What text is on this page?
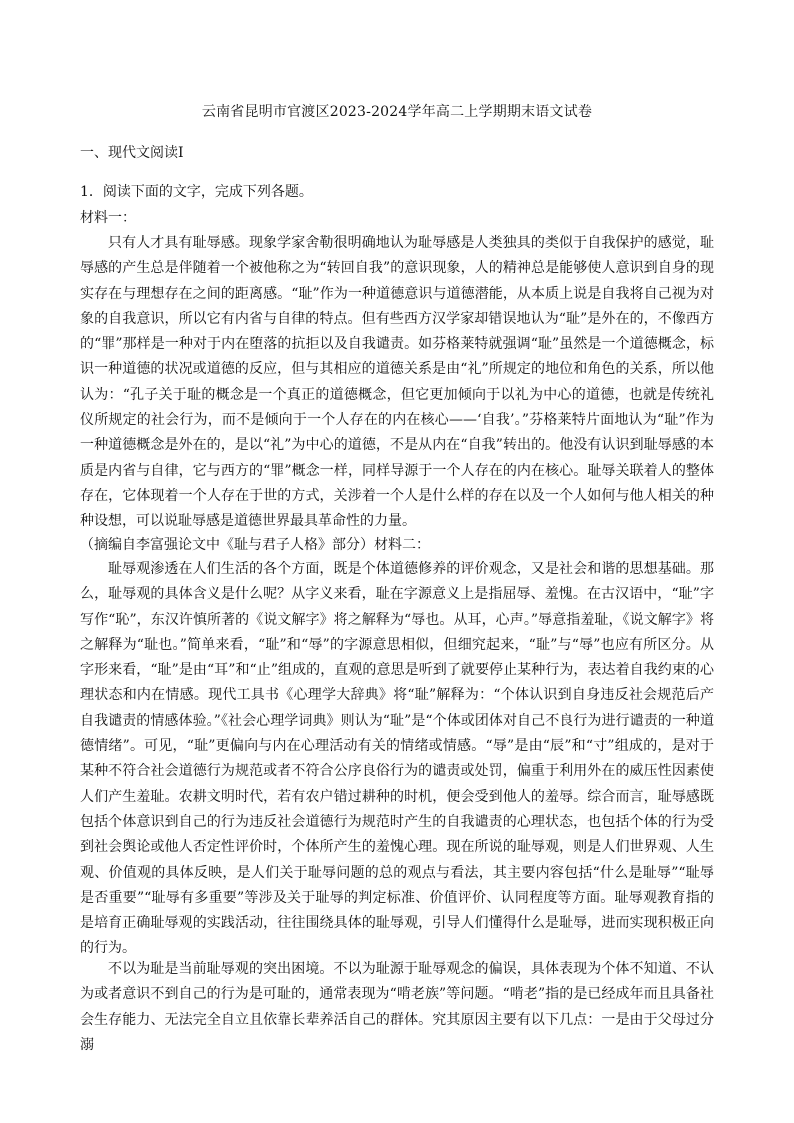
云南省昆明市官渡区2023-2024学年高二上学期期末语文试卷
一、现代文阅读Ⅰ
1．阅读下面的文字，完成下列各题。
材料一：
只有人才具有耻辱感。现象学家舍勒很明确地认为耻辱感是人类独具的类似于自我保护的感觉，耻辱感的产生总是伴随着一个被他称之为“转回自我”的意识现象，人的精神总是能够使人意识到自身的现实存在与理想存在之间的距离感。“耻”作为一种道德意识与道德潜能，从本质上说是自我将自己视为对象的自我意识，所以它有内省与自律的特点。但有些西方汉学家却错误地认为“耻”是外在的，不像西方的“罪”那样是一种对于内在堕落的抗拒以及自我谴责。如芬格莱特就强调“耻”虽然是一个道德概念，标识一种道德的状况或道德的反应，但与其相应的道德关系是由“礼”所规定的地位和角色的关系，所以他认为：“孔子关于耻的概念是一个真正的道德概念，但它更加倾向于以礼为中心的道德，也就是传统礼仪所规定的社会行为，而不是倾向于一个人存在的内在核心——‘自我’。”芬格莱特片面地认为“耻”作为一种道德概念是外在的，是以“礼”为中心的道德，不是从内在“自我”转出的。他没有认识到耻辱感的本质是内省与自律，它与西方的“罪”概念一样，同样导源于一个人存在的内在核心。耻辱关联着人的整体存在，它体现着一个人存在于世的方式，关涉着一个人是什么样的存在以及一个人如何与他人相关的种种设想，可以说耻辱感是道德世界最具革命性的力量。
（摘编自李富强论文中《耻与君子人格》部分）材料二：
耻辱观渗透在人们生活的各个方面，既是个体道德修养的评价观念，又是社会和谐的思想基础。那么，耻辱观的具体含义是什么呢？从字义来看，耻在字源意义上是指屈辱、羞愧。在古汉语中，“耻”字写作“恥”，东汉许慎所著的《说文解字》将之解释为“辱也。从耳，心声。”辱意指羞耻，《说文解字》将之解释为“耻也。”简单来看，“耻”和“辱”的字源意思相似，但细究起来，“耻”与“辱”也应有所区分。从字形来看，“耻”是由“耳”和“止”组成的，直观的意思是听到了就要停止某种行为，表达着自我约束的心理状态和内在情感。现代工具书《心理学大辞典》将“耻”解释为：“个体认识到自身违反社会规范后产自我谴责的情感体验。”《社会心理学词典》则认为“耻”是“个体或团体对自己不良行为进行谴责的一种道德情绪”。可见，“耻”更偏向与内在心理活动有关的情绪或情感。“辱”是由“辰”和“寸”组成的，是对于某种不符合社会道德行为规范或者不符合公序良俗行为的谴责或处罚，偏重于利用外在的威压性因素使人们产生羞耻。农耕文明时代，若有农户错过耕种的时机，便会受到他人的羞辱。综合而言，耻辱感既包括个体意识到自己的行为违反社会道德行为规范时产生的自我谴责的心理状态，也包括个体的行为受到社会舆论或他人否定性评价时，个体所产生的羞愧心理。现在所说的耻辱观，则是人们世界观、人生观、价值观的具体反映，是人们关于耻辱问题的总的观点与看法，其主要内容包括“什么是耻辱”“耻辱是否重要”“耻辱有多重要”等涉及关于耻辱的判定标准、价值评价、认同程度等方面。耻辱观教育指的是培育正确耻辱观的实践活动，往往围绕具体的耻辱观，引导人们懂得什么是耻辱，进而实现积极正向的行为。
不以为耻是当前耻辱观的突出困境。不以为耻源于耻辱观念的偏误，具体表现为个体不知道、不认为或者意识不到自己的行为是可耻的，通常表现为“啃老族”等问题。“啃老”指的是已经成年而且具备社会生存能力、无法完全自立且依靠长辈养活自己的群体。究其原因主要有以下几点：一是由于父母过分溺
